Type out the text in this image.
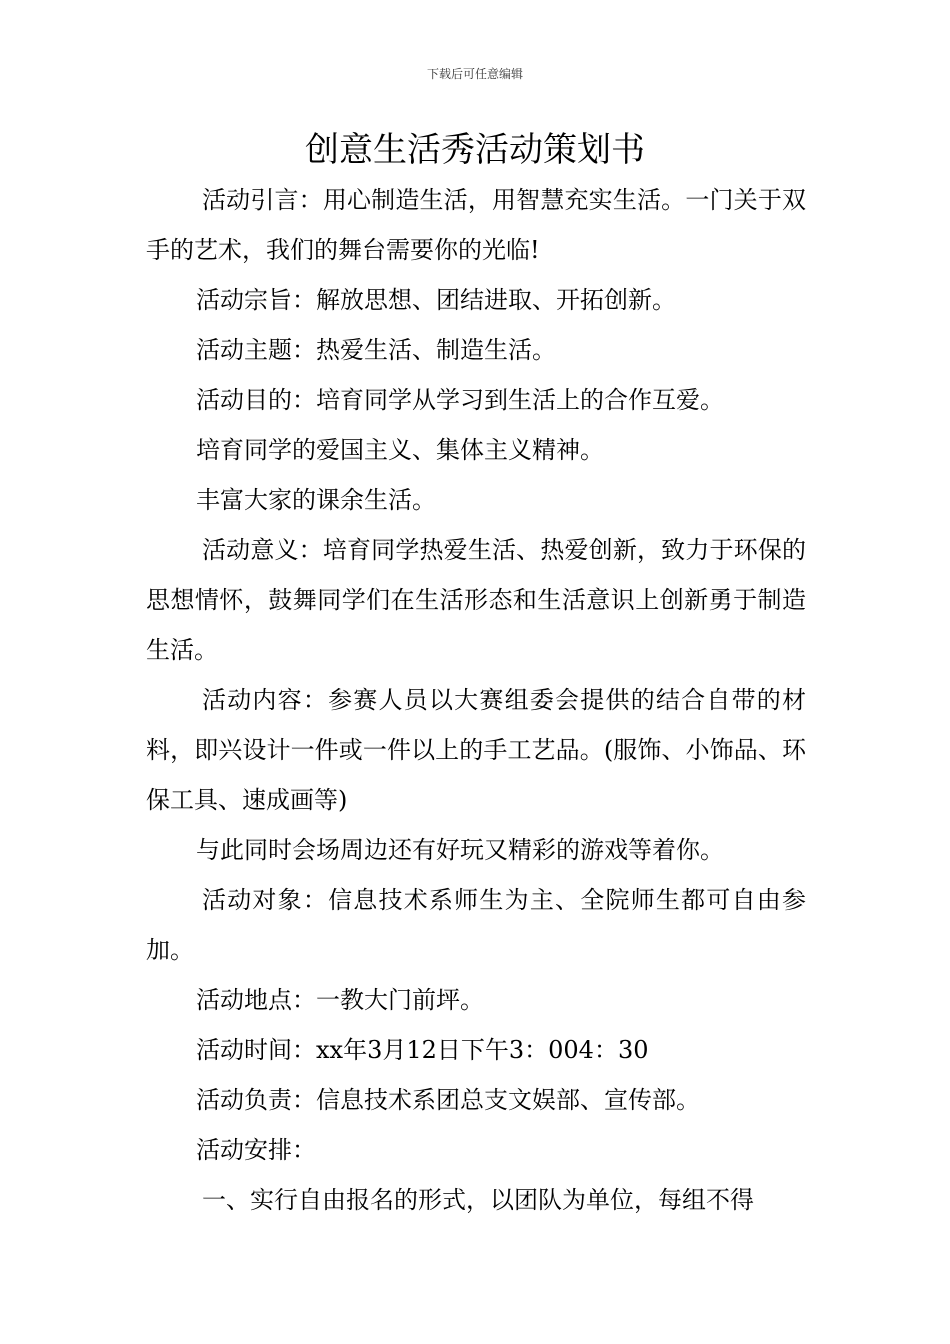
下载后可任意编辑
创意生活秀活动策划书

活动引言：用心制造生活，用智慧充实生活。一门关于双手的艺术，我们的舞台需要你的光临!

活动宗旨：解放思想、团结进取、开拓创新。

活动主题：热爱生活、制造生活。

活动目的：培育同学从学习到生活上的合作互爱。

培育同学的爱国主义、集体主义精神。

丰富大家的课余生活。

活动意义：培育同学热爱生活、热爱创新，致力于环保的思想情怀，鼓舞同学们在生活形态和生活意识上创新勇于制造生活。

活动内容：参赛人员以大赛组委会提供的结合自带的材料，即兴设计一件或一件以上的手工艺品。(服饰、小饰品、环保工具、速成画等)

与此同时会场周边还有好玩又精彩的游戏等着你。

活动对象：信息技术系师生为主、全院师生都可自由参加。

活动地点：一教大门前坪。

活动时间：xx年3月12日下午3：004：30

活动负责：信息技术系团总支文娱部、宣传部。

活动安排：

一、实行自由报名的形式，以团队为单位，每组不得
